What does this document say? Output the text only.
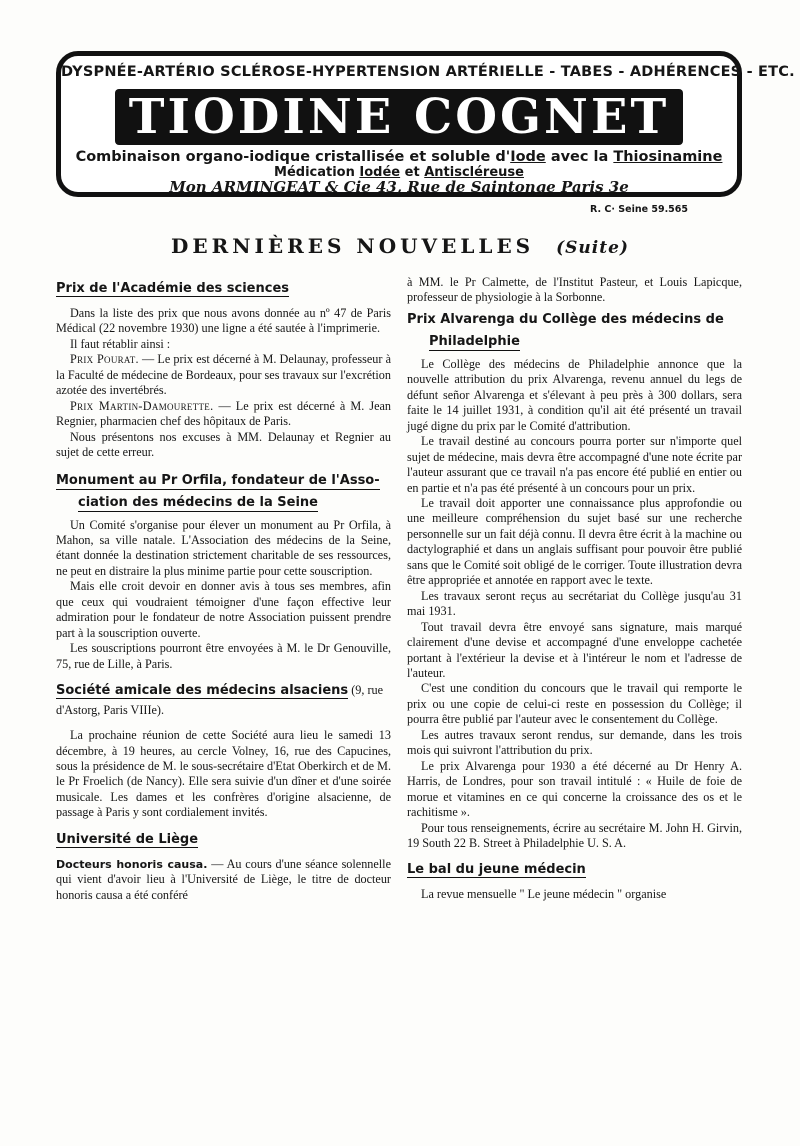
DYSPNÉE-ARTÉRIO SCLÉROSE-HYPERTENSION ARTÉRIELLE - TABES - ADHÉRENCES - ETC.
TIODINE COGNET
Combinaison organo-iodique cristallisée et soluble d'Iode avec la Thiosinamine
Médication Iodée et Antiscléreuse
Mon ARMINGEAT & Cie 43, Rue de Saintonge Paris 3e
R. C· Seine 59.565
DERNIÈRES NOUVELLES (Suite)
Prix de l'Académie des sciences

Dans la liste des prix que nous avons donnée au nº 47 de Paris Médical (22 novembre 1930) une ligne a été sautée à l'imprimerie.

Il faut rétablir ainsi :

Prix Pourat. — Le prix est décerné à M. Delaunay, professeur à la Faculté de médecine de Bordeaux, pour ses travaux sur l'excrétion azotée des invertébrés.

Prix Martin-Damourette. — Le prix est décerné à M. Jean Regnier, pharmacien chef des hôpitaux de Paris.

Nous présentons nos excuses à MM. Delaunay et Regnier au sujet de cette erreur.

Monument au Pr Orfila, fondateur de l'Asso-

ciation des médecins de la Seine

Un Comité s'organise pour élever un monument au Pr Orfila, à Mahon, sa ville natale. L'Association des médecins de la Seine, étant donnée la destination strictement charitable de ses ressources, ne peut en distraire la plus minime partie pour cette souscription.

Mais elle croit devoir en donner avis à tous ses membres, afin que ceux qui voudraient témoigner d'une façon effective leur admiration pour le fondateur de notre Association puissent prendre part à la souscription ouverte.

Les souscriptions pourront être envoyées à M. le Dr Genouville, 75, rue de Lille, à Paris.

Société amicale des médecins alsaciens (9, rue d'Astorg, Paris VIIIe).

La prochaine réunion de cette Société aura lieu le samedi 13 décembre, à 19 heures, au cercle Volney, 16, rue des Capucines, sous la présidence de M. le sous-secrétaire d'Etat Oberkirch et de M. le Pr Froelich (de Nancy). Elle sera suivie d'un dîner et d'une soirée musicale. Les dames et les confrères d'origine alsacienne, de passage à Paris y sont cordialement invités.

Université de Liège

Docteurs honoris causa. — Au cours d'une séance solennelle qui vient d'avoir lieu à l'Université de Liège, le titre de docteur honoris causa a été conféré

à MM. le Pr Calmette, de l'Institut Pasteur, et Louis Lapicque, professeur de physiologie à la Sorbonne.

Prix Alvarenga du Collège des médecins de

Philadelphie

Le Collège des médecins de Philadelphie annonce que la nouvelle attribution du prix Alvarenga, revenu annuel du legs de défunt señor Alvarenga et s'élevant à peu près à 300 dollars, sera faite le 14 juillet 1931, à condition qu'il ait été présenté un travail jugé digne du prix par le Comité d'attribution.

Le travail destiné au concours pourra porter sur n'importe quel sujet de médecine, mais devra être accompagné d'une note écrite par l'auteur assurant que ce travail n'a pas encore été publié en entier ou en partie et n'a pas été présenté à un concours pour un prix.

Le travail doit apporter une connaissance plus approfondie ou une meilleure compréhension du sujet basé sur une recherche personnelle sur un fait déjà connu. Il devra être écrit à la machine ou dactylographié et dans un anglais suffisant pour pouvoir être publié sans que le Comité soit obligé de le corriger. Toute illustration devra être appropriée et annotée en rapport avec le texte.

Les travaux seront reçus au secrétariat du Collège jusqu'au 31 mai 1931.

Tout travail devra être envoyé sans signature, mais marqué clairement d'une devise et accompagné d'une enveloppe cachetée portant à l'extérieur la devise et à l'intéreur le nom et l'adresse de l'auteur.

C'est une condition du concours que le travail qui remporte le prix ou une copie de celui-ci reste en possession du Collège; il pourra être publié par l'auteur avec le consentement du Collège.

Les autres travaux seront rendus, sur demande, dans les trois mois qui suivront l'attribution du prix.

Le prix Alvarenga pour 1930 a été décerné au Dr Henry A. Harris, de Londres, pour son travail intitulé : « Huile de foie de morue et vitamines en ce qui concerne la croissance des os et le rachitisme ».

Pour tous renseignements, écrire au secrétaire M. John H. Girvin, 19 South 22 B. Street à Philadelphie U. S. A.

Le bal du jeune médecin

La revue mensuelle " Le jeune médecin " organise
